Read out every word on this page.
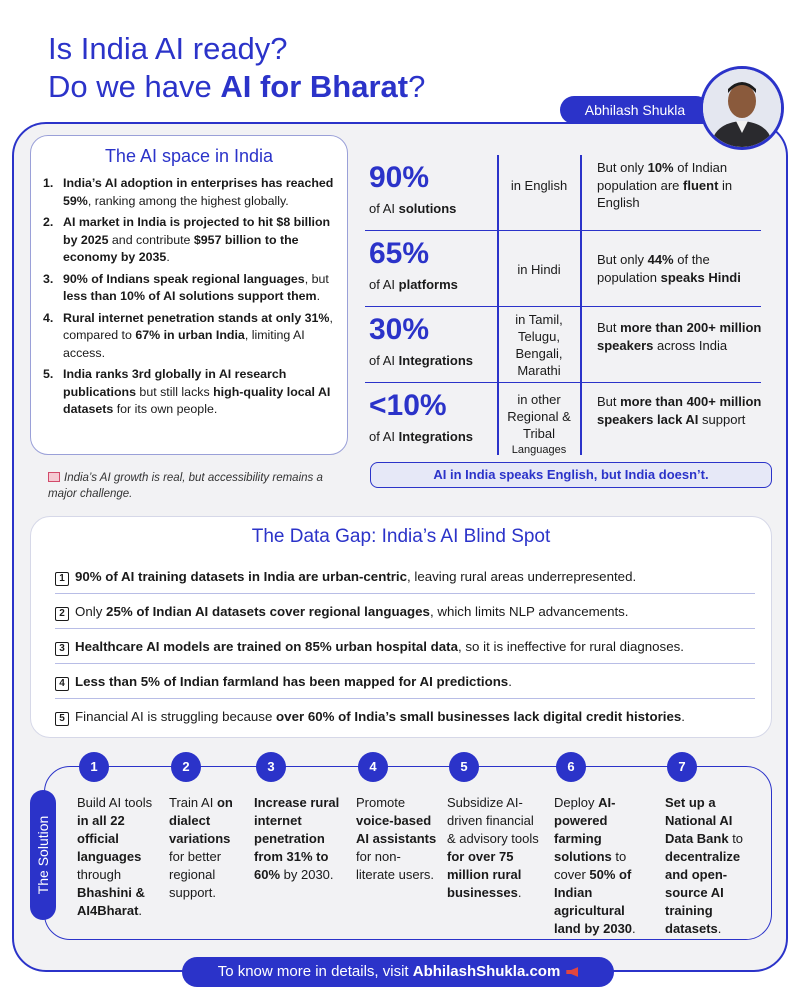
Is India AI ready?
Do we have AI for Bharat?
Abhilash Shukla
The AI space in India
1. India’s AI adoption in enterprises has reached 59%, ranking among the highest globally.
2. AI market in India is projected to hit $8 billion by 2025 and contribute $957 billion to the economy by 2035.
3. 90% of Indians speak regional languages, but less than 10% of AI solutions support them.
4. Rural internet penetration stands at only 31%, compared to 67% in urban India, limiting AI access.
5. India ranks 3rd globally in AI research publications but still lacks high-quality local AI datasets for its own people.
India’s AI growth is real, but accessibility remains a major challenge.
90%
of AI solutions
in English
But only 10% of Indian population are fluent in English
65%
of AI platforms
in Hindi
But only 44% of the population speaks Hindi
30%
of AI Integrations
in Tamil, Telugu, Bengali, Marathi
But more than 200+ million speakers across India
<10%
of AI Integrations
in other Regional & Tribal
Languages
But more than 400+ million speakers lack AI support
AI in India speaks English, but India doesn’t.
The Data Gap: India’s AI Blind Spot
1 90% of AI training datasets in India are urban-centric, leaving rural areas underrepresented.
2 Only 25% of Indian AI datasets cover regional languages, which limits NLP advancements.
3 Healthcare AI models are trained on 85% urban hospital data, so it is ineffective for rural diagnoses.
4 Less than 5% of Indian farmland has been mapped for AI predictions.
5 Financial AI is struggling because over 60% of India’s small businesses lack digital credit histories.
The Solution
1
Build AI tools in all 22 official languages through Bhashini & AI4Bharat.
2
Train AI on dialect variations for better regional support.
3
Increase rural internet penetration from 31% to 60% by 2030.
4
Promote voice-based AI assistants for non-literate users.
5
Subsidize AI-driven financial & advisory tools for over 75 million rural businesses.
6
Deploy AI-powered farming solutions to cover 50% of Indian agricultural land by 2030.
7
Set up a National AI Data Bank to decentralize and open-source AI training datasets.
To know more in details, visit AbhilashShukla.com
